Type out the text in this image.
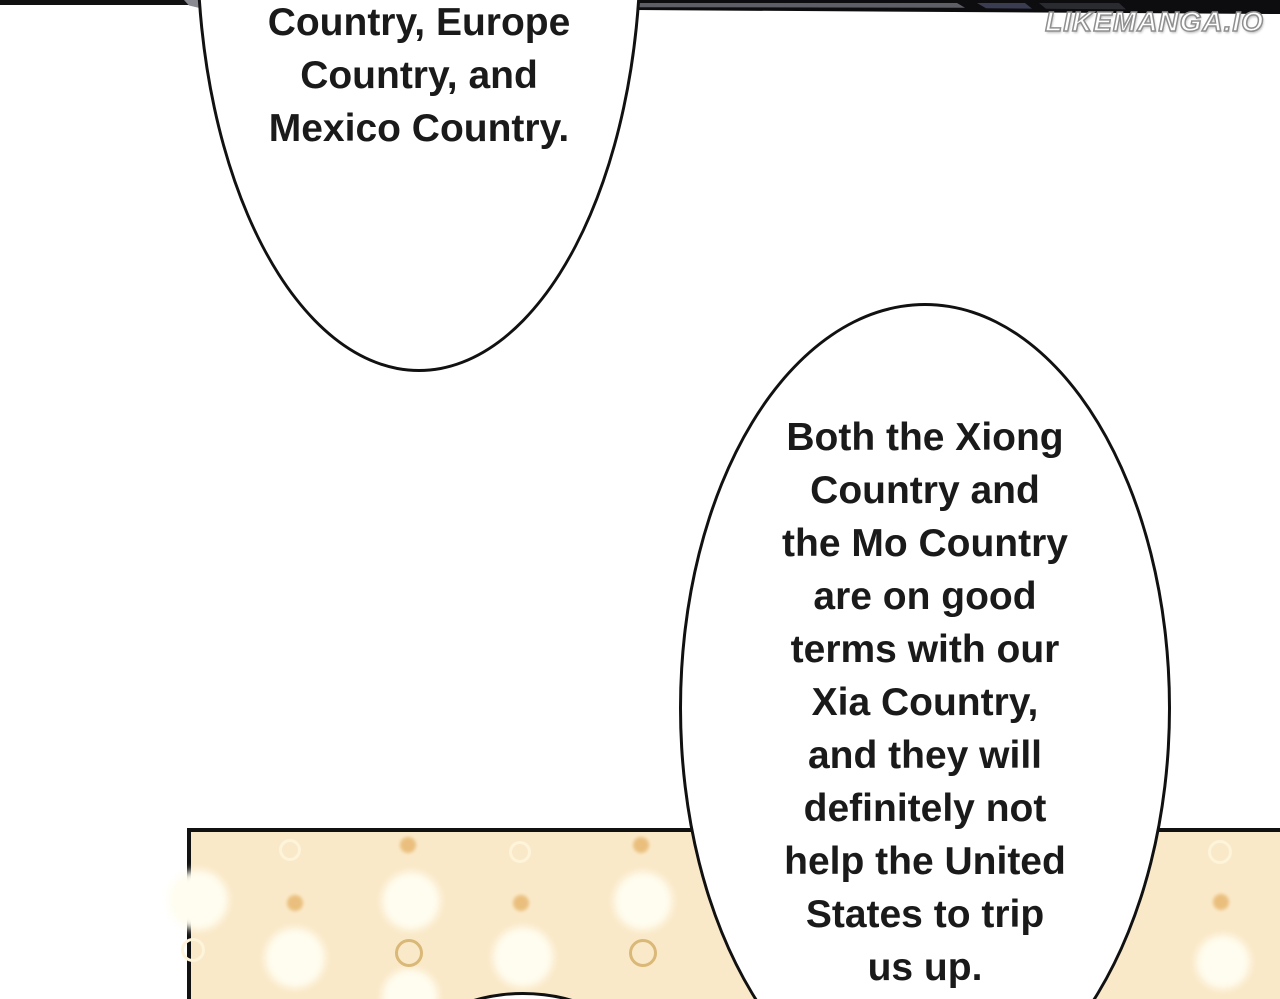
Country, Europe
Country, and
Mexico Country.
Both the Xiong
Country and
the Mo Country
are on good
terms with our
Xia Country,
and they will
definitely not
help the United
States to trip
us up.
LIKEMANGA.IO
